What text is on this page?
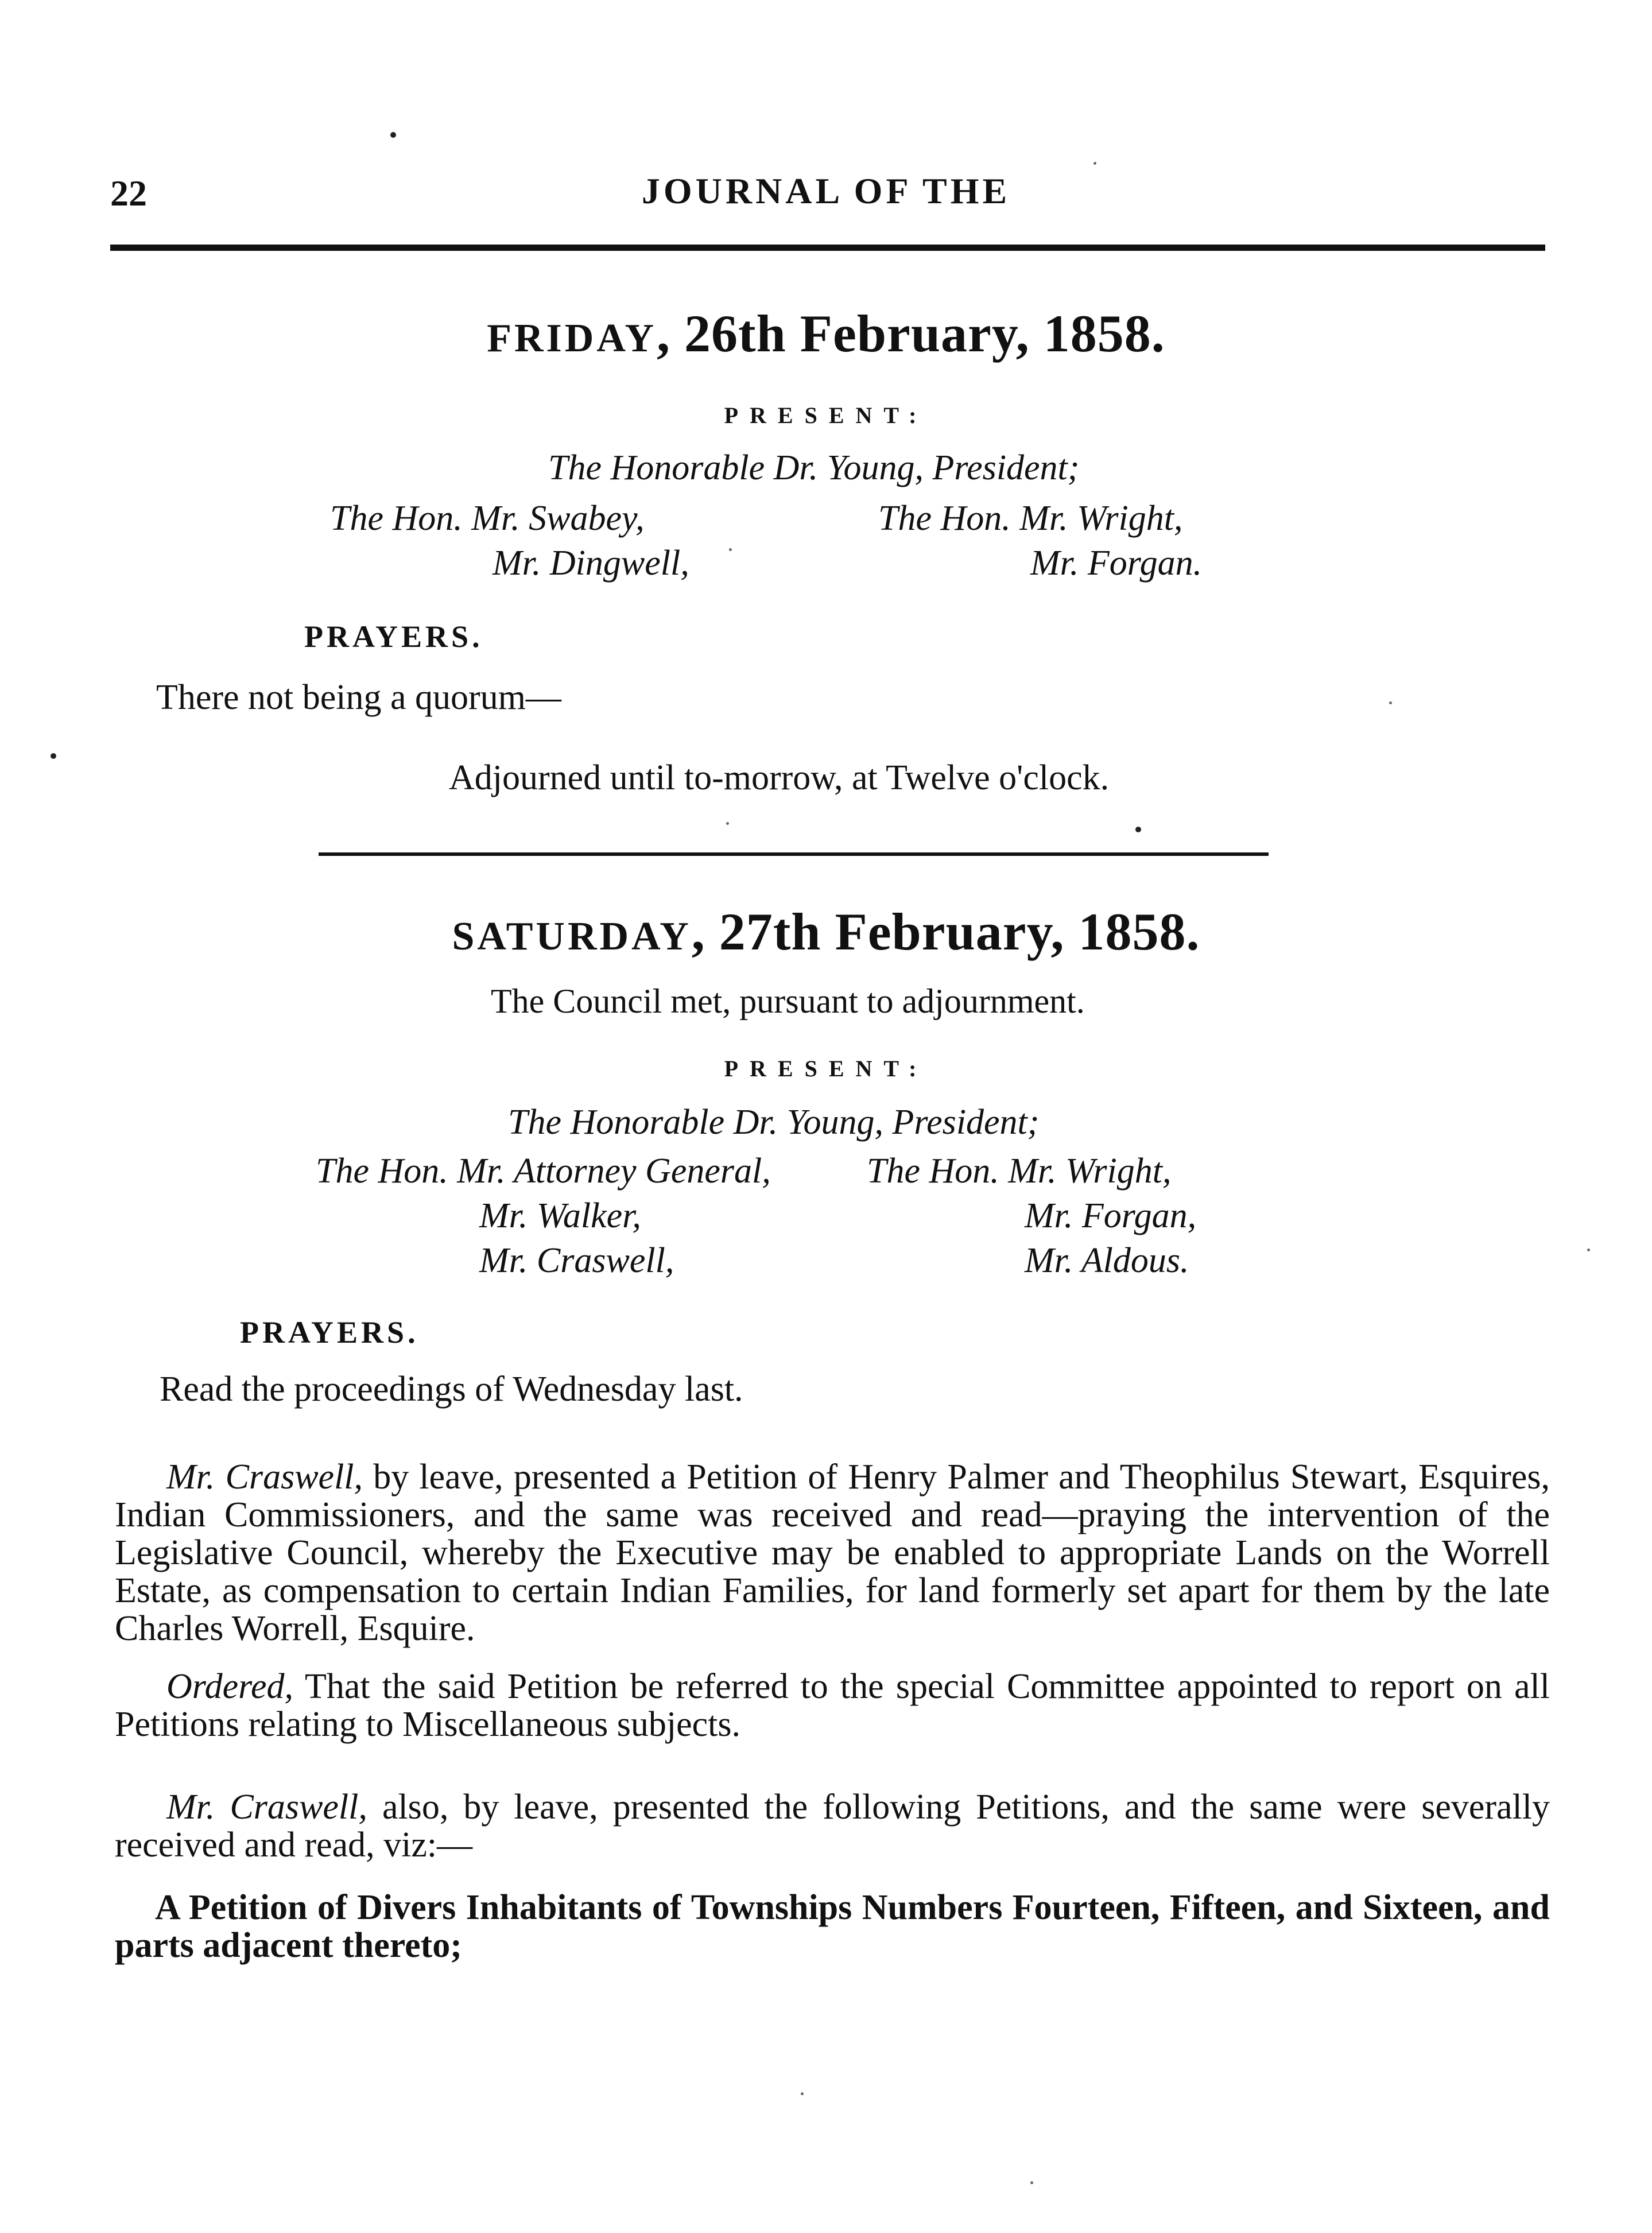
22	JOURNAL OF THE
FRIDAY, 26th February, 1858.
PRESENT:
The Honorable Dr. Young, President;
The Hon. Mr. Swabey,
Mr. Dingwell,
The Hon. Mr. Wright,
Mr. Forgan.
PRAYERS.
There not being a quorum—
Adjourned until to-morrow, at Twelve o'clock.
SATURDAY, 27th February, 1858.
The Council met, pursuant to adjournment.
PRESENT:
The Honorable Dr. Young, President;
The Hon. Mr. Attorney General,
Mr. Walker,
Mr. Craswell,
The Hon. Mr. Wright,
Mr. Forgan,
Mr. Aldous.
PRAYERS.
Read the proceedings of Wednesday last.
Mr. Craswell, by leave, presented a Petition of Henry Palmer and Theophilus Stewart, Esquires, Indian Commissioners, and the same was received and read—praying the intervention of the Legislative Council, whereby the Executive may be enabled to appropriate Lands on the Worrell Estate, as compensation to certain Indian Families, for land formerly set apart for them by the late Charles Worrell, Esquire.
Ordered, That the said Petition be referred to the special Committee appointed to report on all Petitions relating to Miscellaneous subjects.
Mr. Craswell, also, by leave, presented the following Petitions, and the same were severally received and read, viz:—
A Petition of Divers Inhabitants of Townships Numbers Fourteen, Fifteen, and Sixteen, and parts adjacent thereto;
